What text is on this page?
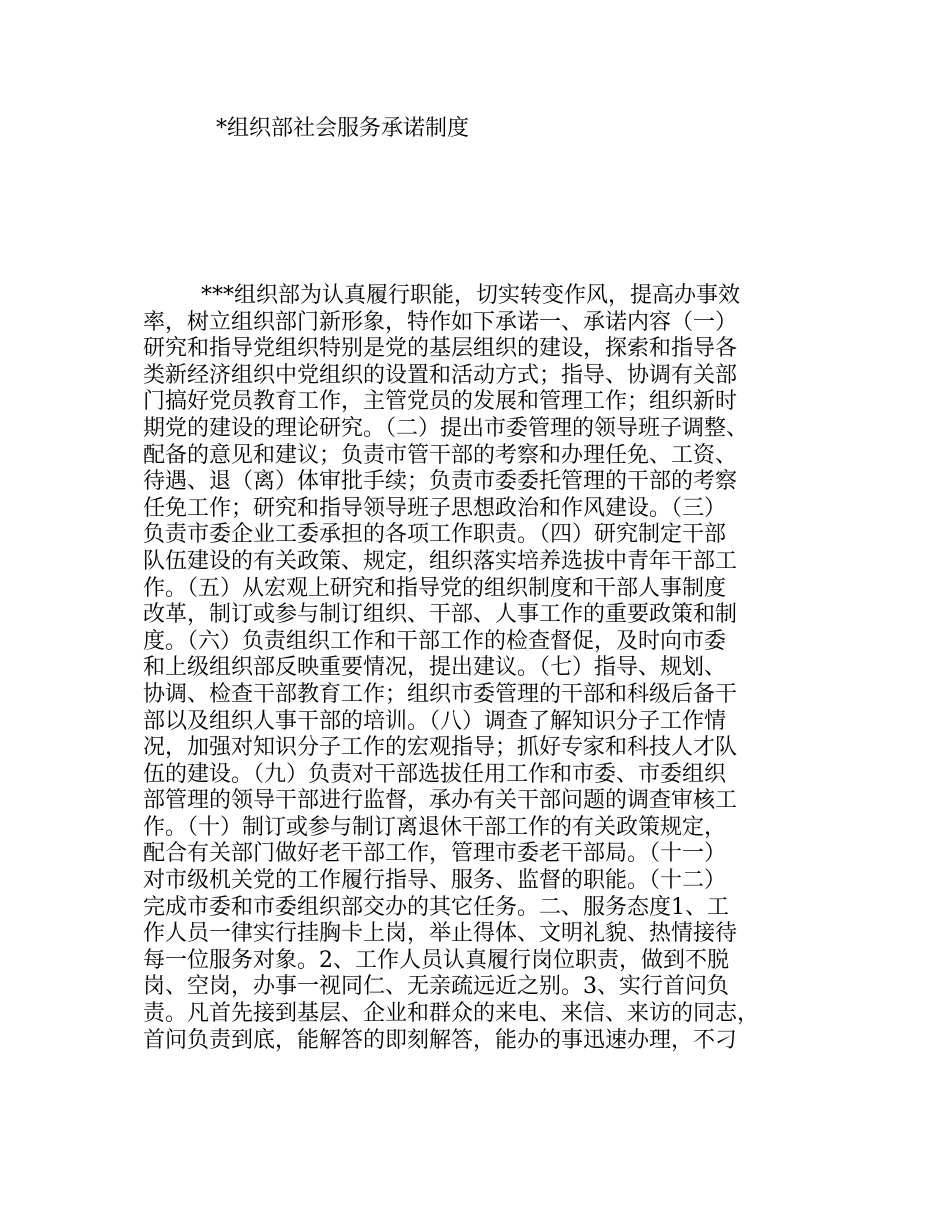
*组织部社会服务承诺制度
***组织部为认真履行职能，切实转变作风，提高办事效
率，树立组织部门新形象，特作如下承诺一、承诺内容（一）
研究和指导党组织特别是党的基层组织的建设，探索和指导各
类新经济组织中党组织的设置和活动方式；指导、协调有关部
门搞好党员教育工作，主管党员的发展和管理工作；组织新时
期党的建设的理论研究。（二）提出市委管理的领导班子调整、
配备的意见和建议；负责市管干部的考察和办理任免、工资、
待遇、退（离）体审批手续；负责市委委托管理的干部的考察
任免工作；研究和指导领导班子思想政治和作风建设。（三）
负责市委企业工委承担的各项工作职责。（四）研究制定干部
队伍建设的有关政策、规定，组织落实培养选拔中青年干部工
作。（五）从宏观上研究和指导党的组织制度和干部人事制度
改革，制订或参与制订组织、干部、人事工作的重要政策和制
度。（六）负责组织工作和干部工作的检查督促，及时向市委
和上级组织部反映重要情况，提出建议。（七）指导、规划、
协调、检查干部教育工作；组织市委管理的干部和科级后备干
部以及组织人事干部的培训。（八）调查了解知识分子工作情
况，加强对知识分子工作的宏观指导；抓好专家和科技人才队
伍的建设。（九）负责对干部选拔任用工作和市委、市委组织
部管理的领导干部进行监督，承办有关干部问题的调查审核工
作。（十）制订或参与制订离退休干部工作的有关政策规定，
配合有关部门做好老干部工作，管理市委老干部局。（十一）
对市级机关党的工作履行指导、服务、监督的职能。（十二）
完成市委和市委组织部交办的其它任务。二、服务态度1、工
作人员一律实行挂胸卡上岗，举止得体、文明礼貌、热情接待
每一位服务对象。2、工作人员认真履行岗位职责，做到不脱
岗、空岗，办事一视同仁、无亲疏远近之别。3、实行首问负
责。凡首先接到基层、企业和群众的来电、来信、来访的同志，
首问负责到底，能解答的即刻解答，能办的事迅速办理，不刁
